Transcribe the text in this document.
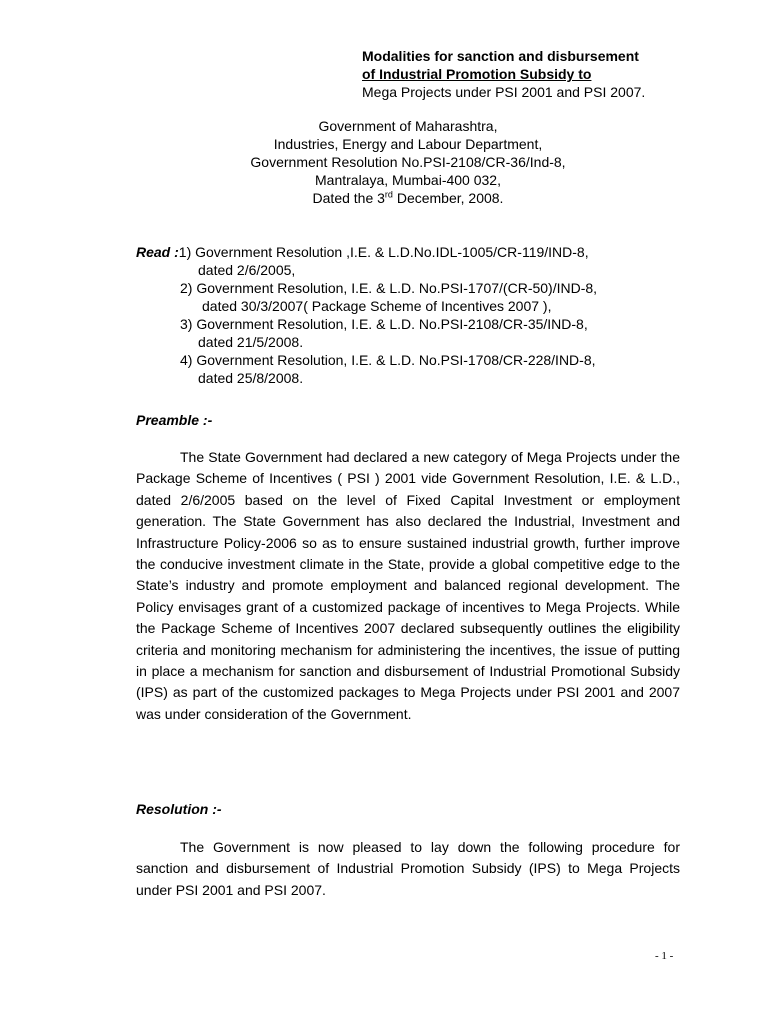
Modalities for sanction and disbursement
of Industrial Promotion Subsidy to
Mega Projects under PSI 2001 and PSI 2007.
Government of Maharashtra,
Industries, Energy and Labour Department,
Government Resolution No.PSI-2108/CR-36/Ind-8,
Mantralaya, Mumbai-400 032,
Dated the 3rd December, 2008.
Read :1) Government Resolution ,I.E. & L.D.No.IDL-1005/CR-119/IND-8,
dated 2/6/2005,
2) Government Resolution, I.E. & L.D. No.PSI-1707/(CR-50)/IND-8,
dated 30/3/2007( Package Scheme of Incentives 2007 ),
3) Government Resolution, I.E. & L.D. No.PSI-2108/CR-35/IND-8,
dated 21/5/2008.
4) Government Resolution, I.E. & L.D. No.PSI-1708/CR-228/IND-8,
dated 25/8/2008.
Preamble :-

The State Government had declared a new category of Mega Projects under the Package Scheme of Incentives ( PSI ) 2001 vide Government Resolution, I.E. & L.D., dated 2/6/2005 based on the level of Fixed Capital Investment or employment generation. The State Government has also declared the Industrial, Investment and Infrastructure Policy-2006 so as to ensure sustained industrial growth, further improve the conducive investment climate in the State, provide a global competitive edge to the State’s industry and promote employment and balanced regional development. The Policy envisages grant of a customized package of incentives to Mega Projects. While the Package Scheme of Incentives 2007 declared subsequently outlines the eligibility criteria and monitoring mechanism for administering the incentives, the issue of putting in place a mechanism for sanction and disbursement of Industrial Promotional Subsidy (IPS) as part of the customized packages to Mega Projects under PSI 2001 and 2007 was under consideration of the Government.

Resolution :-

The Government is now pleased to lay down the following procedure for sanction and disbursement of Industrial Promotion Subsidy (IPS) to Mega Projects under PSI 2001 and PSI 2007.

- 1 -
